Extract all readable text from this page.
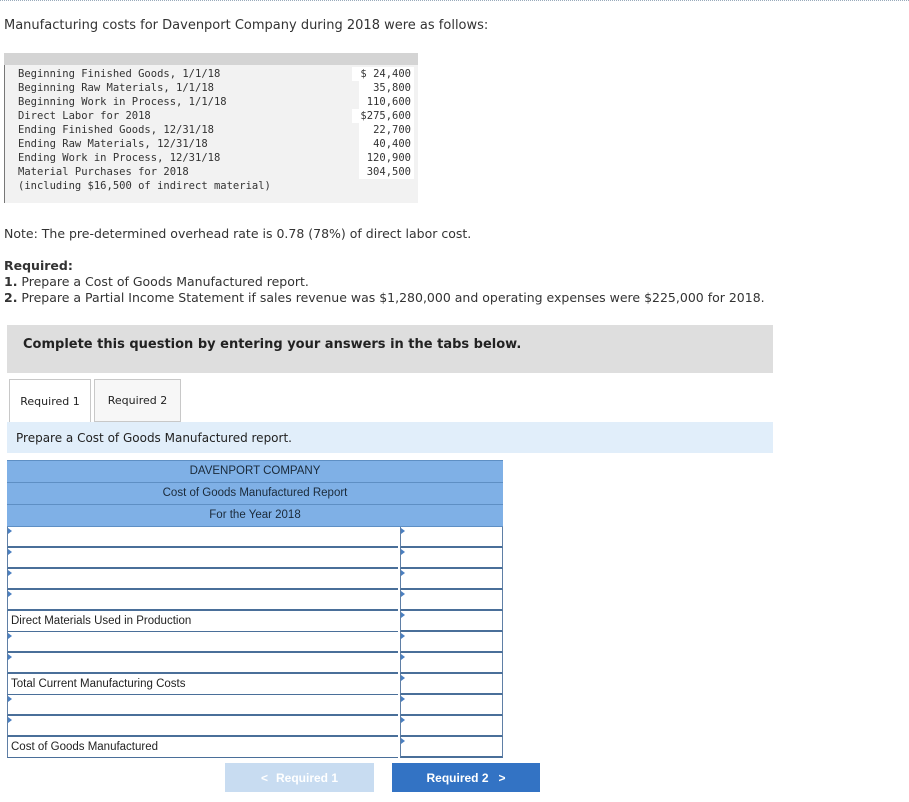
Manufacturing costs for Davenport Company during 2018 were as follows:
Beginning Finished Goods, 1/1/18	$ 24,400
Beginning Raw Materials, 1/1/18	35,800
Beginning Work in Process, 1/1/18	110,600
Direct Labor for 2018	$275,600
Ending Finished Goods, 12/31/18	22,700
Ending Raw Materials, 12/31/18	40,400
Ending Work in Process, 12/31/18	120,900
Material Purchases for 2018	304,500
(including $16,500 of indirect material)
Note: The pre-determined overhead rate is 0.78 (78%) of direct labor cost.
Required:
1. Prepare a Cost of Goods Manufactured report.
2. Prepare a Partial Income Statement if sales revenue was $1,280,000 and operating expenses were $225,000 for 2018.
Complete this question by entering your answers in the tabs below.
Required 1	Required 2
Prepare a Cost of Goods Manufactured report.
DAVENPORT COMPANY
Cost of Goods Manufactured Report
For the Year 2018
Direct Materials Used in Production
Total Current Manufacturing Costs
Cost of Goods Manufactured
< Required 1	Required 2 >
